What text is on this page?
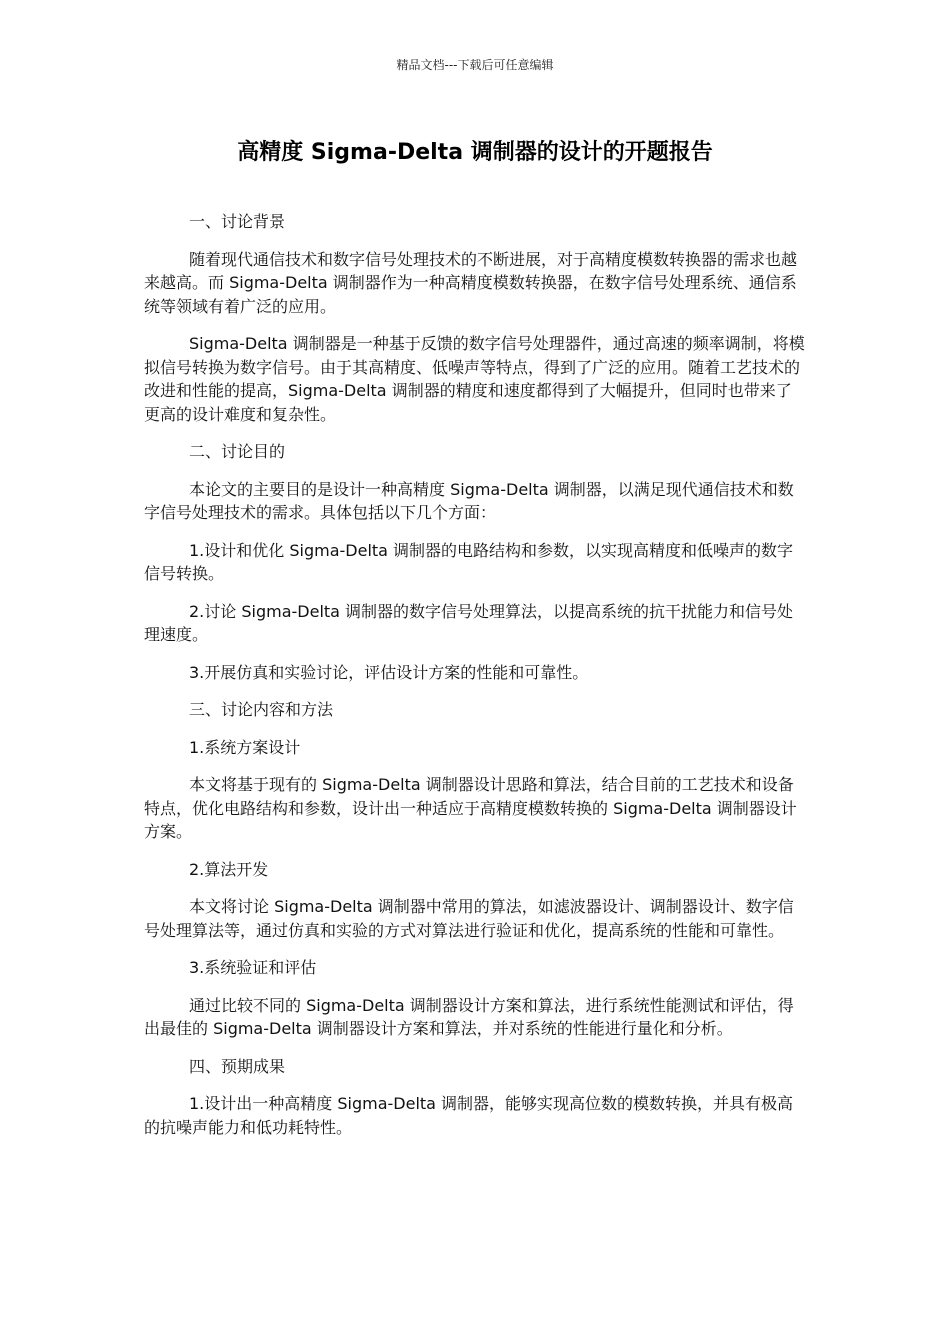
精品文档---下载后可任意编辑
高精度 Sigma-Delta 调制器的设计的开题报告

一、讨论背景

随着现代通信技术和数字信号处理技术的不断进展，对于高精度模数转换器的需求也越来越高。而 Sigma-Delta 调制器作为一种高精度模数转换器，在数字信号处理系统、通信系统等领域有着广泛的应用。

Sigma-Delta 调制器是一种基于反馈的数字信号处理器件，通过高速的频率调制，将模拟信号转换为数字信号。由于其高精度、低噪声等特点，得到了广泛的应用。随着工艺技术的改进和性能的提高，Sigma-Delta 调制器的精度和速度都得到了大幅提升，但同时也带来了更高的设计难度和复杂性。

二、讨论目的

本论文的主要目的是设计一种高精度 Sigma-Delta 调制器，以满足现代通信技术和数字信号处理技术的需求。具体包括以下几个方面：

1.设计和优化 Sigma-Delta 调制器的电路结构和参数，以实现高精度和低噪声的数字信号转换。

2.讨论 Sigma-Delta 调制器的数字信号处理算法，以提高系统的抗干扰能力和信号处理速度。

3.开展仿真和实验讨论，评估设计方案的性能和可靠性。

三、讨论内容和方法

1.系统方案设计

本文将基于现有的 Sigma-Delta 调制器设计思路和算法，结合目前的工艺技术和设备特点，优化电路结构和参数，设计出一种适应于高精度模数转换的 Sigma-Delta 调制器设计方案。

2.算法开发

本文将讨论 Sigma-Delta 调制器中常用的算法，如滤波器设计、调制器设计、数字信号处理算法等，通过仿真和实验的方式对算法进行验证和优化，提高系统的性能和可靠性。

3.系统验证和评估

通过比较不同的 Sigma-Delta 调制器设计方案和算法，进行系统性能测试和评估，得出最佳的 Sigma-Delta 调制器设计方案和算法，并对系统的性能进行量化和分析。

四、预期成果

1.设计出一种高精度 Sigma-Delta 调制器，能够实现高位数的模数转换，并具有极高的抗噪声能力和低功耗特性。
